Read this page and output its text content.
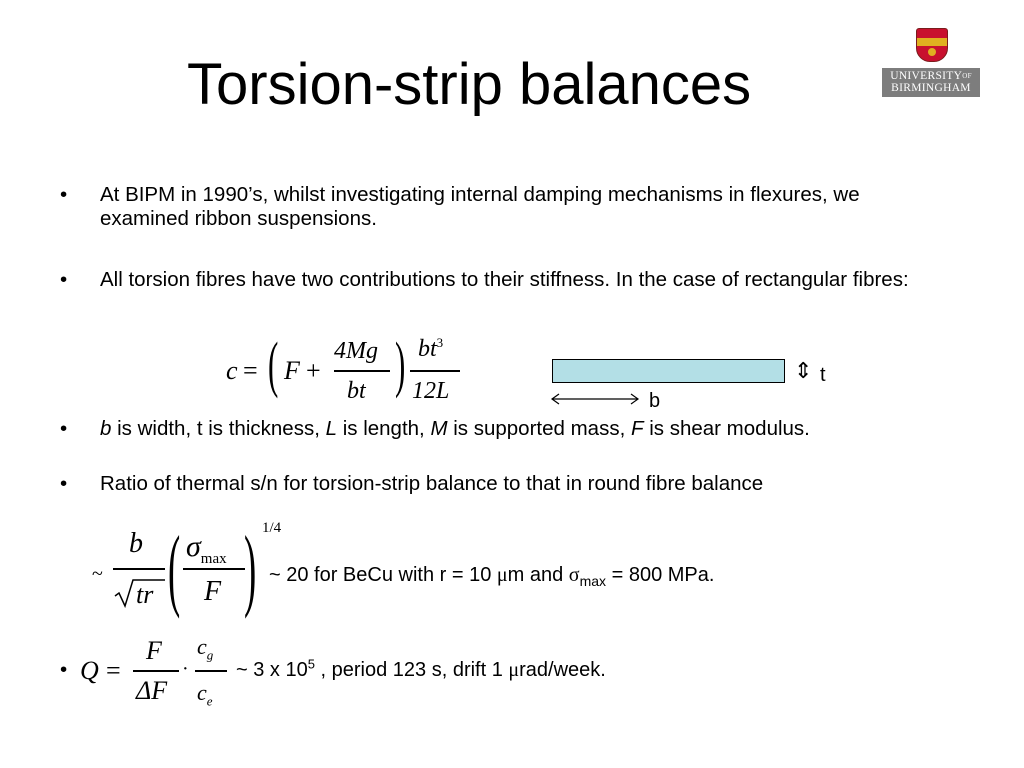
Torsion-strip balances	$UNIVERSITY^{OF}$
BIRMINGHAM
• At BIPM in 1990’s, whilst investigating internal damping mechanisms in flexures, we examined ribbon suspensions.
• All torsion fibres have two contributions to their stiffness. In the case of rectangular fibres:
c = ( F +
4Mg
bt ) $bt^3$
12L
⇕ t
b
• b is width, t is thickness, L is length, M is supported mass, F is shear modulus.
• Ratio of thermal s/n for torsion-strip balance to that in round fibre balance
~
b
tr ( $\sigma_{max}$
F ) 1/4
~ 20 for BeCu with r = 10 μm and $\sigma_{max} = 800$ MPa.
• Q =
F
ΔF
·
$c_g$
$c_e$
~ 3 x $10^5$ , period 123 s, drift 1 μrad/week.
